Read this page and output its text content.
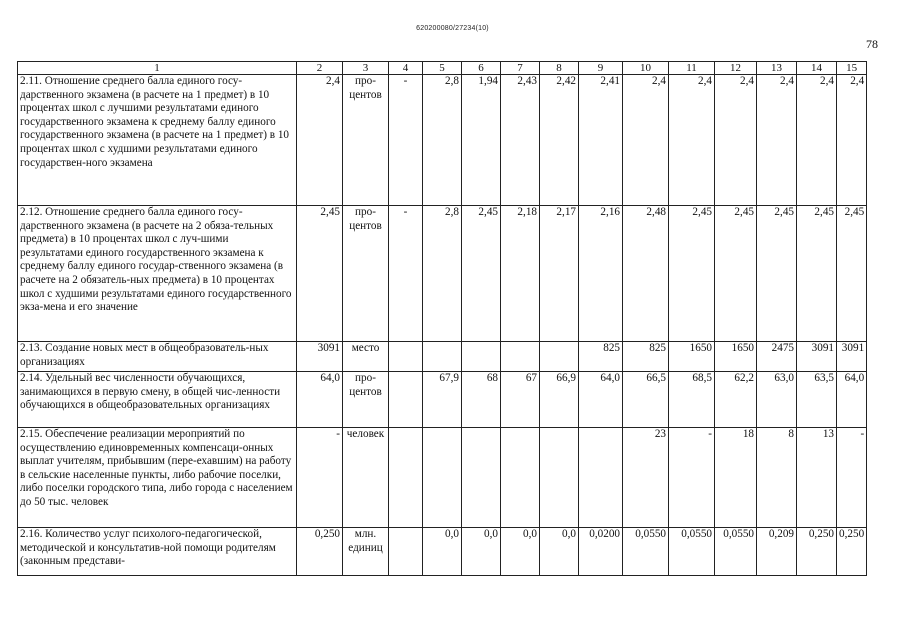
620200080/27234(10)
78
1	2	3	4	5	6	7	8	9	10	11	12	13	14	15
2.11. Отношение среднего балла единого госу-дарственного экзамена (в расчете на 1 предмет) в 10 процентах школ с лучшими результатами единого государственного экзамена к среднему баллу единого государственного экзамена (в расчете на 1 предмет) в 10 процентах школ с худшими результатами единого государствен-ного экзамена	2,4	про-центов	-	2,8	1,94	2,43	2,42	2,41	2,4	2,4	2,4	2,4	2,4	2,4
2.12. Отношение среднего балла единого госу-дарственного экзамена (в расчете на 2 обяза-тельных предмета) в 10 процентах школ с луч-шими результатами единого государственного экзамена к среднему баллу единого государ-ственного экзамена (в расчете на 2 обязатель-ных предмета) в 10 процентах школ с худшими результатами единого государственного экза-мена и его значение	2,45	про-центов	-	2,8	2,45	2,18	2,17	2,16	2,48	2,45	2,45	2,45	2,45	2,45
2.13. Создание новых мест в общеобразователь-ных организациях	3091	место						825	825	1650	1650	2475	3091	3091
2.14. Удельный вес численности обучающихся, занимающихся в первую смену, в общей чис-ленности обучающихся в общеобразовательных организациях	64,0	про-центов		67,9	68	67	66,9	64,0	66,5	68,5	62,2	63,0	63,5	64,0
2.15. Обеспечение реализации мероприятий по осуществлению единовременных компенсаци-онных выплат учителям, прибывшим (пере-ехавшим) на работу в сельские населенные пункты, либо рабочие поселки, либо поселки городского типа, либо города с населением до 50 тыс. человек	-	человек							23	-	18	8	13	-
2.16. Количество услуг психолого-педагогической, методической и консультатив-ной помощи родителям (законным представи-	0,250	млн. единиц		0,0	0,0	0,0	0,0	0,0200	0,0550	0,0550	0,0550	0,209	0,250	0,250
